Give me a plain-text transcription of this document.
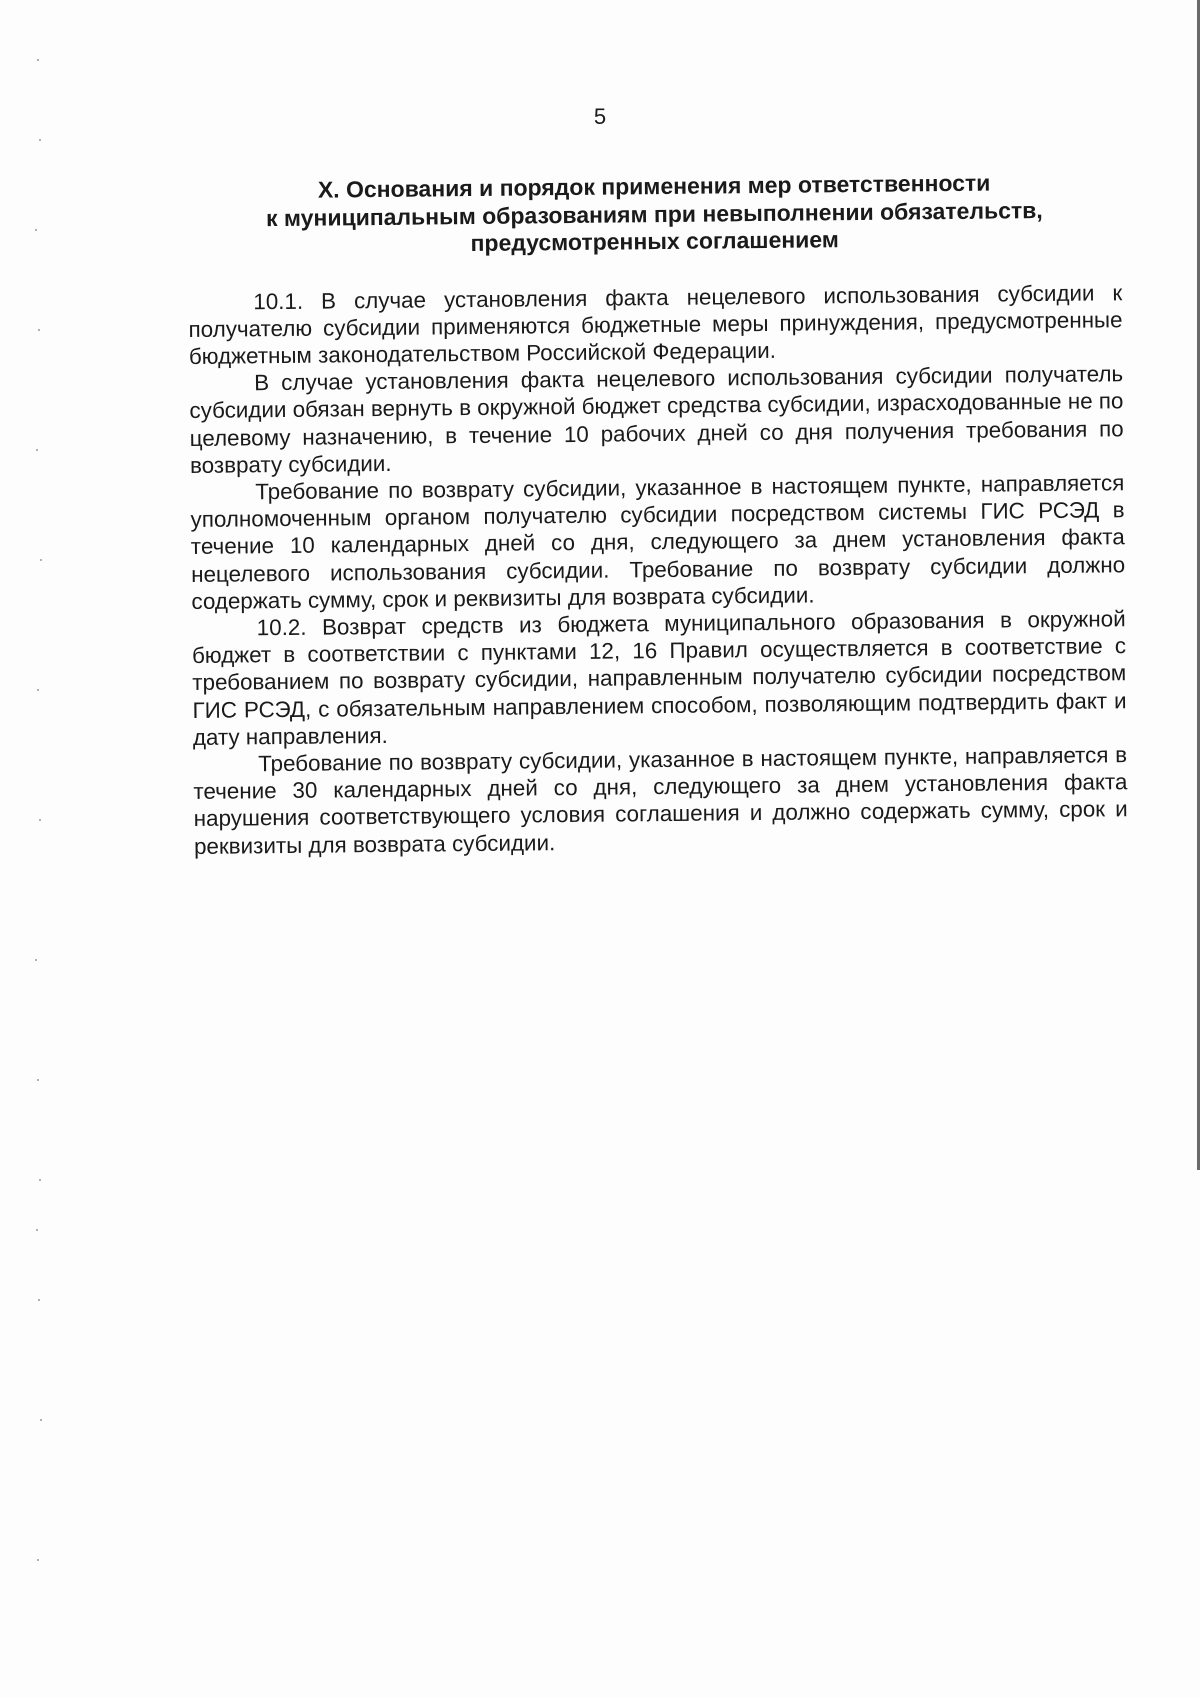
5
X. Основания и порядок применения мер ответственности
к муниципальным образованиям при невыполнении обязательств,
предусмотренных соглашением

10.1. В случае установления факта нецелевого использования субсидии к получателю субсидии применяются бюджетные меры принуждения, предусмотренные бюджетным законодательством Российской Федерации.

В случае установления факта нецелевого использования субсидии получатель субсидии обязан вернуть в окружной бюджет средства субсидии, израсходованные не по целевому назначению, в течение 10 рабочих дней со дня получения требования по возврату субсидии.

Требование по возврату субсидии, указанное в настоящем пункте, направляется уполномоченным органом получателю субсидии посредством системы ГИС РСЭД в течение 10 календарных дней со дня, следующего за днем установления факта нецелевого использования субсидии. Требование по возврату субсидии должно содержать сумму, срок и реквизиты для возврата субсидии.

10.2. Возврат средств из бюджета муниципального образования в окружной бюджет в соответствии с пунктами 12, 16 Правил осуществляется в соответствие с требованием по возврату субсидии, направленным получателю субсидии посредством ГИС РСЭД, с обязательным направлением способом, позволяющим подтвердить факт и дату направления.

Требование по возврату субсидии, указанное в настоящем пункте, направляется в течение 30 календарных дней со дня, следующего за днем установления факта нарушения соответствующего условия соглашения и должно содержать сумму, срок и реквизиты для возврата субсидии.
